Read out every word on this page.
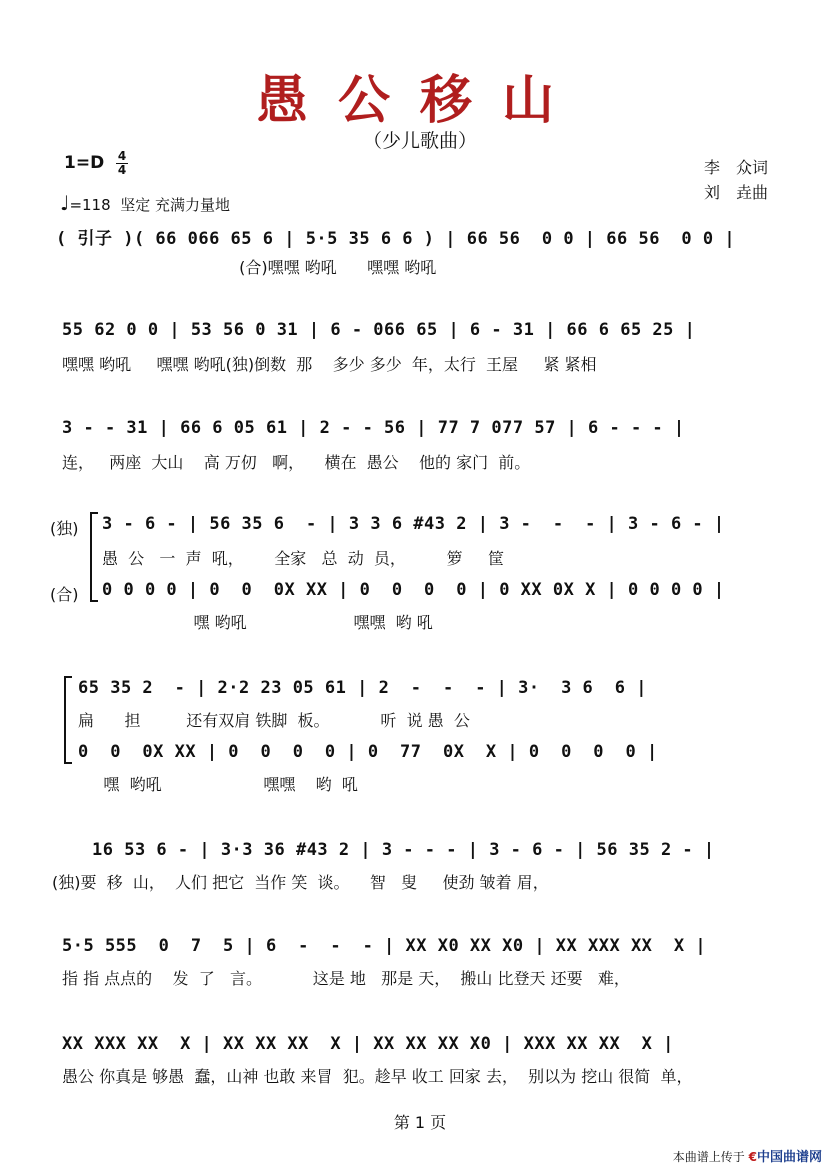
愚公移山
（少儿歌曲）
1=D 4
4
♩=118 坚定 充满力量地
李　众词
刘　垚曲
( 引子 )( 66 066 65 6 | 5·5 35 6 6 ) | 66 56  0 0 | 66 56  0 0 |
(合)嘿嘿 哟吼      嘿嘿 哟吼
55 62 0 0 | 53 56 0 31 | 6 - 066 65 | 6 - 31 | 66 6 65 25 |
嘿嘿 哟吼     嘿嘿 哟吼(独)倒数  那    多少 多少  年，太行  王屋     紧 紧相
3 - - 31 | 66 6 05 61 | 2 - - 56 | 77 7 077 57 | 6 - - - |
连，   两座  大山    高 万仞   啊，    横在  愚公    他的 家门  前。
(独)
(合)
3 - 6 - | 56 35 6  - | 3 3 6 #43 2 | 3 -  -  - | 3 - 6 - |
愚  公   一  声  吼，      全家   总  动  员，        箩     筐
0 0 0 0 | 0  0  0X XX | 0  0  0  0 | 0 XX 0X X | 0 0 0 0 |
嘿 哟吼                     嘿嘿  哟 吼
65 35 2  - | 2·2 23 05 61 | 2  -  -  - | 3·  3 6  6 |
扁      担         还有双肩 铁脚  板。          听  说 愚  公
0  0  0X XX | 0  0  0  0 | 0  77  0X  X | 0  0  0  0 |
嘿  哟吼                    嘿嘿    哟  吼
16 53 6 - | 3·3 36 #43 2 | 3 - - - | 3 - 6 - | 56 35 2 - |
(独)要  移  山，  人们 把它  当作 笑  谈。    智   叟     使劲 皱着 眉，
5·5 555  0  7  5 | 6  -  -  - | XX X0 XX X0 | XX XXX XX  X |
指 指 点点的    发  了   言。          这是 地   那是 天，  搬山 比登天 还要   难，
XX XXX XX  X | XX XX XX  X | XX XX XX X0 | XXX XX XX  X |
愚公 你真是 够愚  蠢，山神 也敢 来冒  犯。趁早 收工 回家 去，  别以为 挖山 很简  单，
第 1 页
本曲谱上传于 €中国曲谱网
